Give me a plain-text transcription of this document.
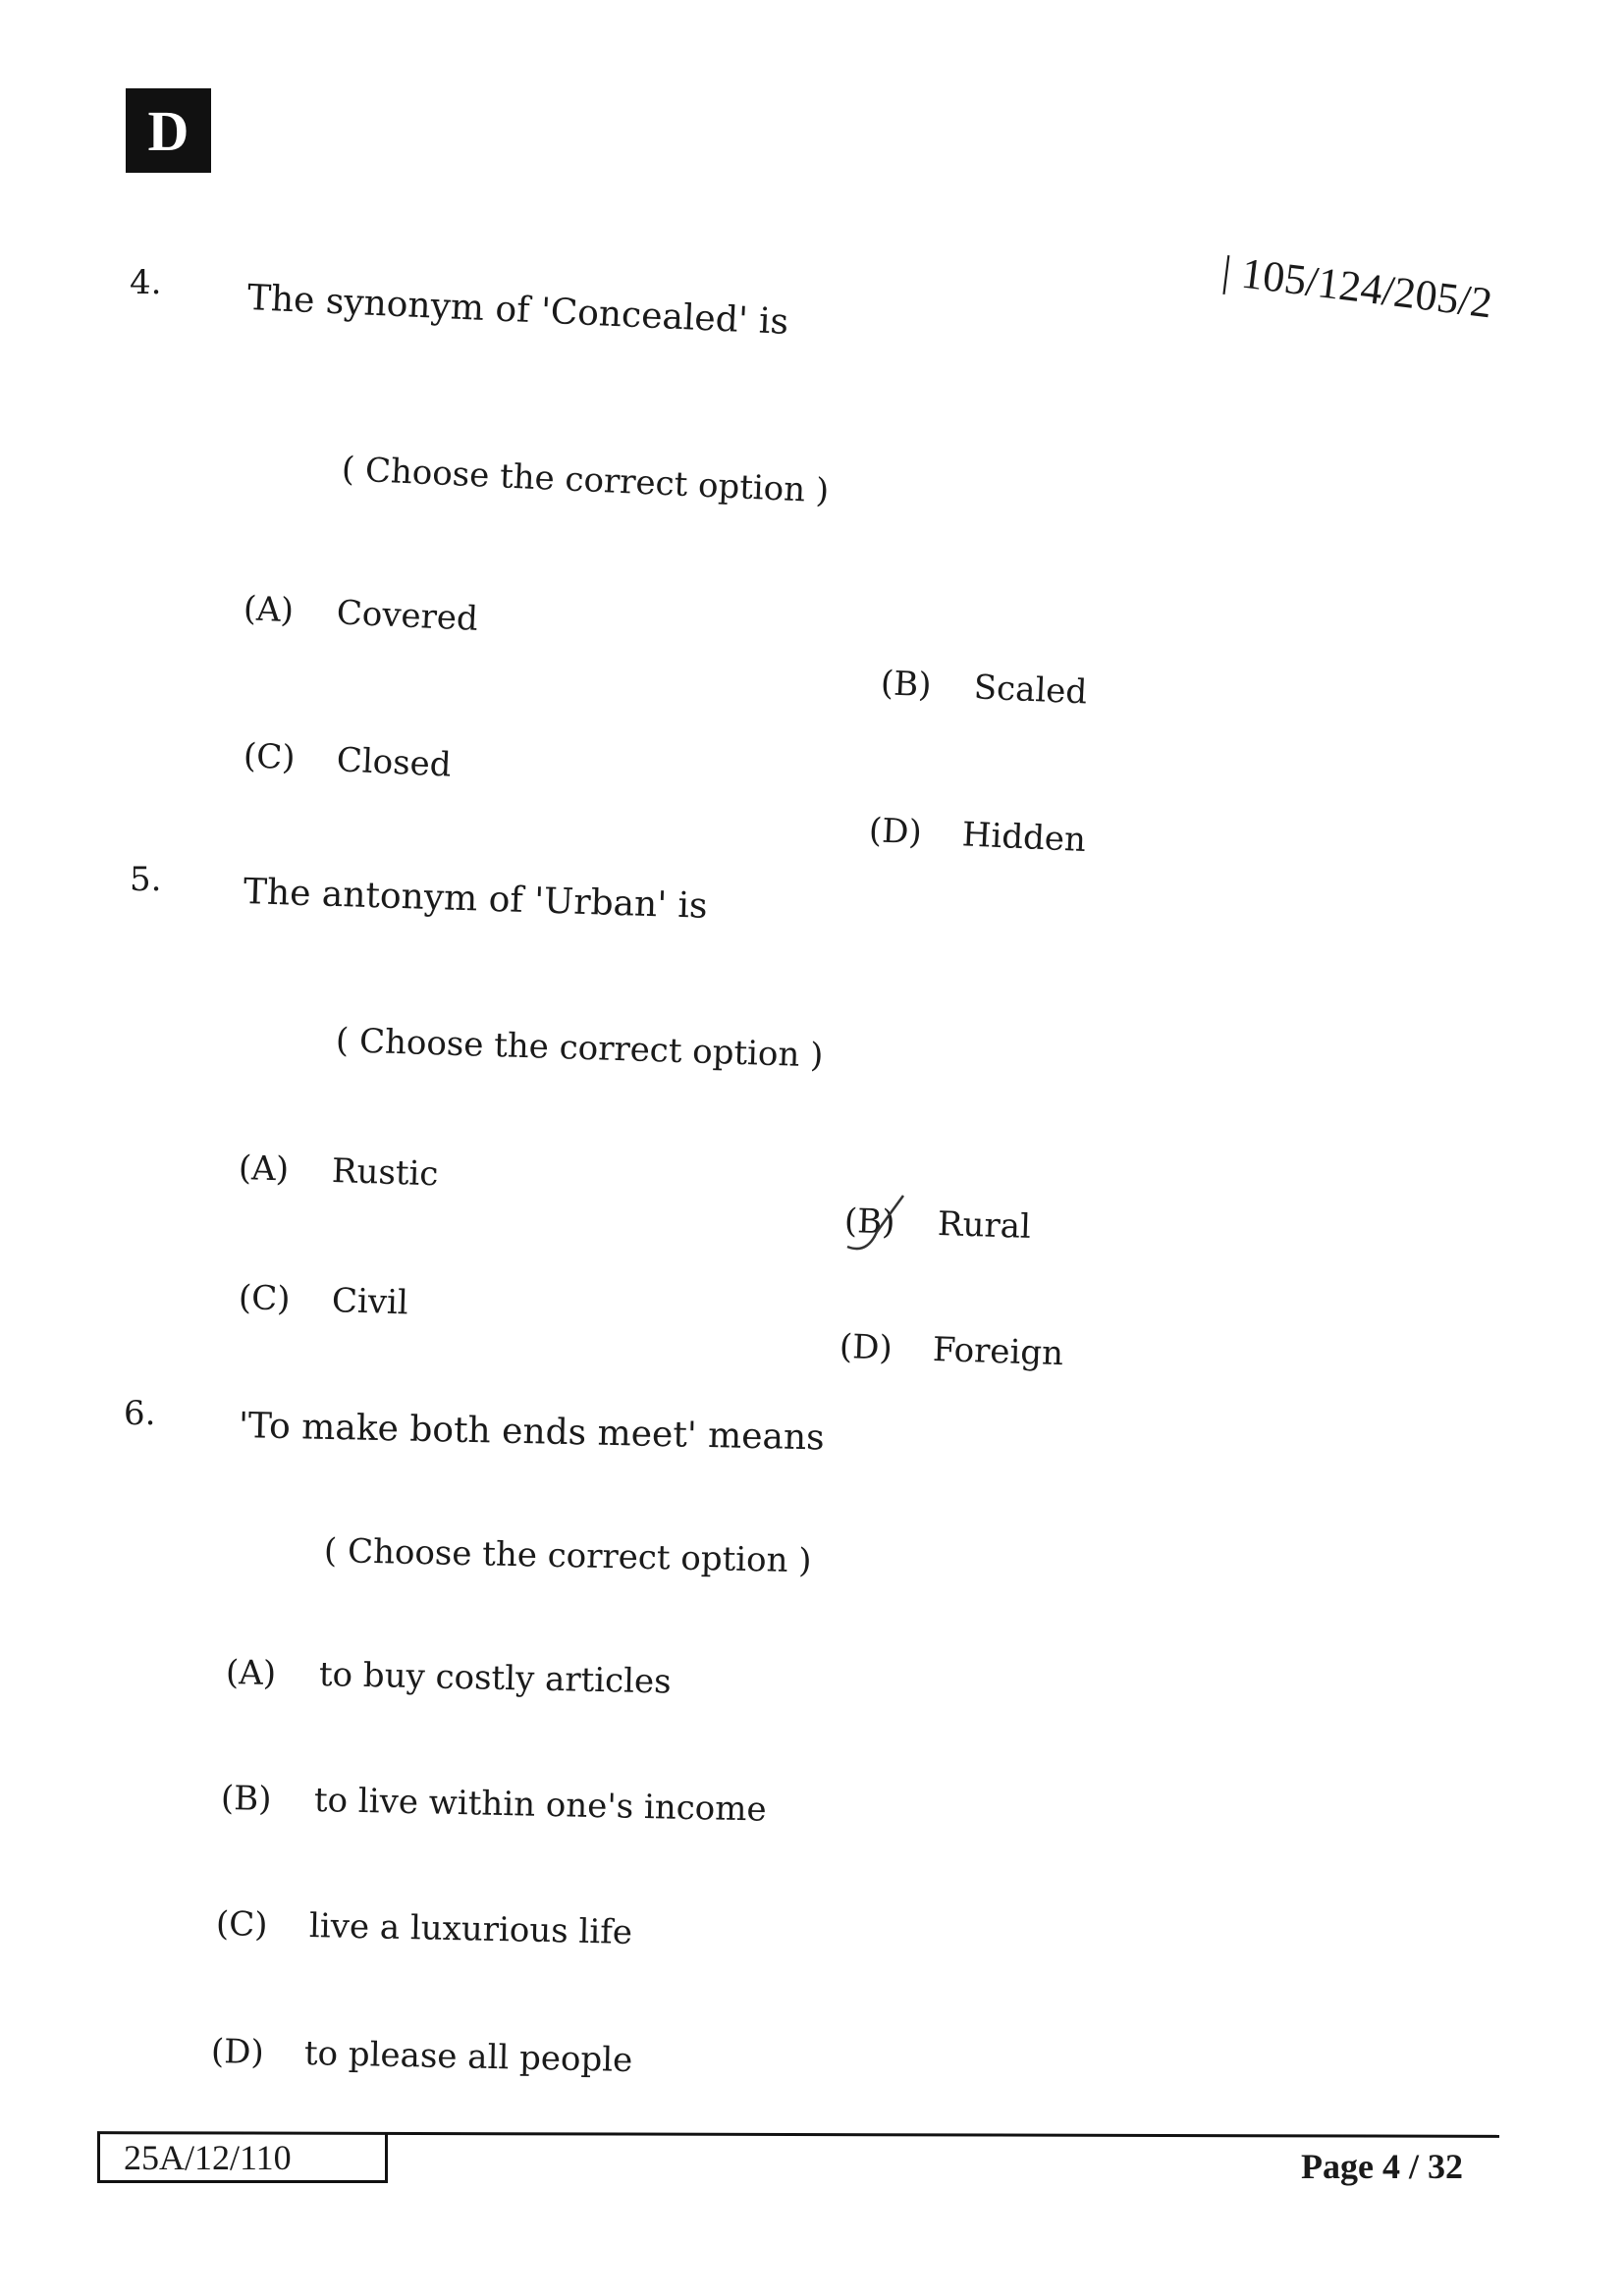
D
| 105/124/205/2
4. The synonym of 'Concealed' is
( Choose the correct option )
(A) Covered
(B) Scaled
(C) Closed
(D) Hidden
5. The antonym of 'Urban' is
( Choose the correct option )
(A) Rustic
(B) Rural
(C) Civil
(D) Foreign
6. 'To make both ends meet' means
( Choose the correct option )
(A) to buy costly articles
(B) to live within one's income
(C) live a luxurious life
(D) to please all people
25A/12/110	Page 4 / 32
